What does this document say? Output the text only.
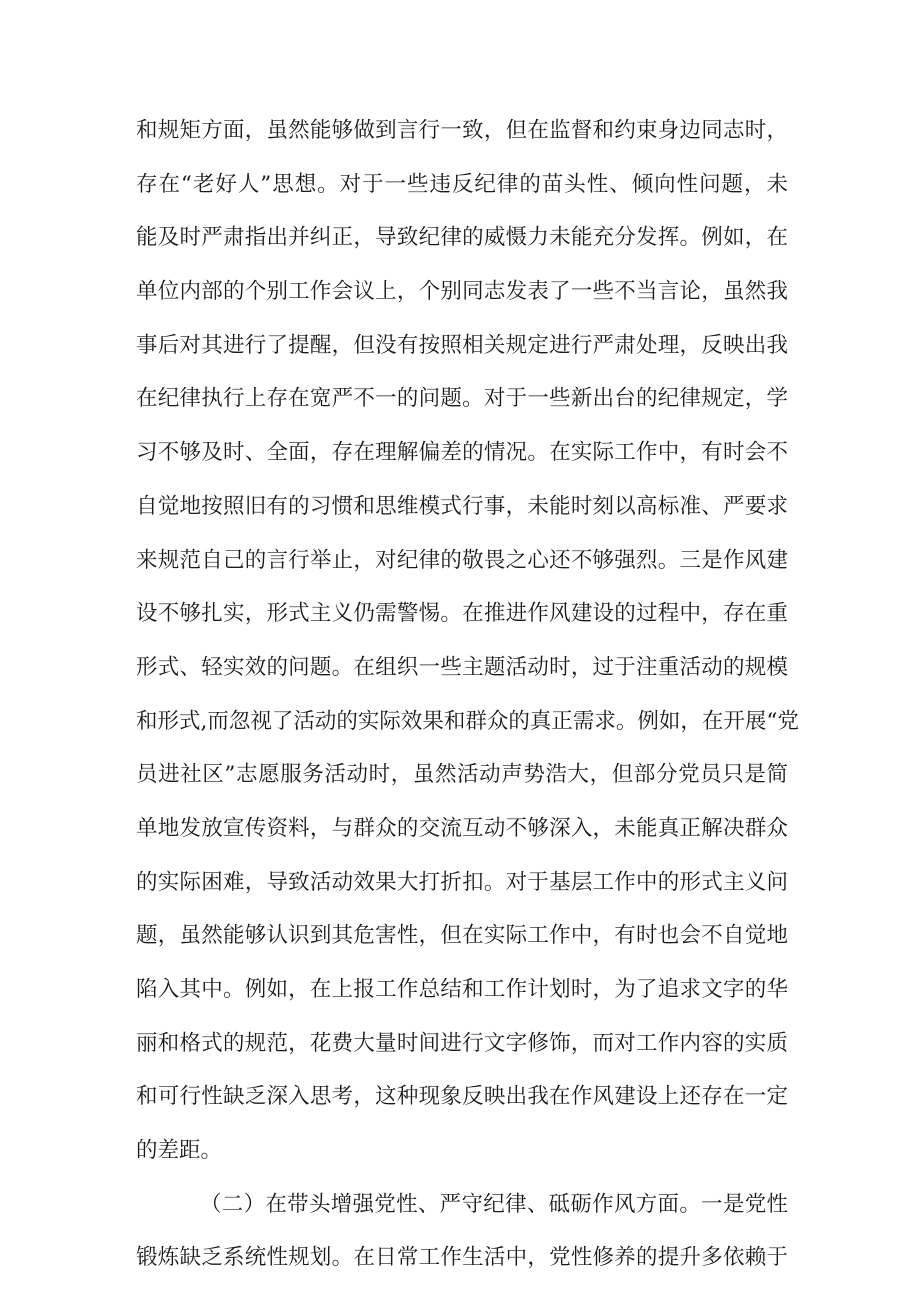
和规矩方面，虽然能够做到言行一致，但在监督和约束身边同志时，
存在“老好人”思想。对于一些违反纪律的苗头性、倾向性问题，未
能及时严肃指出并纠正，导致纪律的威慑力未能充分发挥。例如，在
单位内部的个别工作会议上，个别同志发表了一些不当言论，虽然我
事后对其进行了提醒，但没有按照相关规定进行严肃处理，反映出我
在纪律执行上存在宽严不一的问题。对于一些新出台的纪律规定，学
习不够及时、全面，存在理解偏差的情况。在实际工作中，有时会不
自觉地按照旧有的习惯和思维模式行事，未能时刻以高标准、严要求
来规范自己的言行举止，对纪律的敬畏之心还不够强烈。三是作风建
设不够扎实，形式主义仍需警惕。在推进作风建设的过程中，存在重
形式、轻实效的问题。在组织一些主题活动时，过于注重活动的规模
和形式,而忽视了活动的实际效果和群众的真正需求。例如，在开展“党
员进社区”志愿服务活动时，虽然活动声势浩大，但部分党员只是简
单地发放宣传资料，与群众的交流互动不够深入，未能真正解决群众
的实际困难，导致活动效果大打折扣。对于基层工作中的形式主义问
题，虽然能够认识到其危害性，但在实际工作中，有时也会不自觉地
陷入其中。例如，在上报工作总结和工作计划时，为了追求文字的华
丽和格式的规范，花费大量时间进行文字修饰，而对工作内容的实质
和可行性缺乏深入思考，这种现象反映出我在作风建设上还存在一定
的差距。
（二）在带头增强党性、严守纪律、砥砺作风方面。一是党性
锻炼缺乏系统性规划。在日常工作生活中，党性修养的提升多依赖于
